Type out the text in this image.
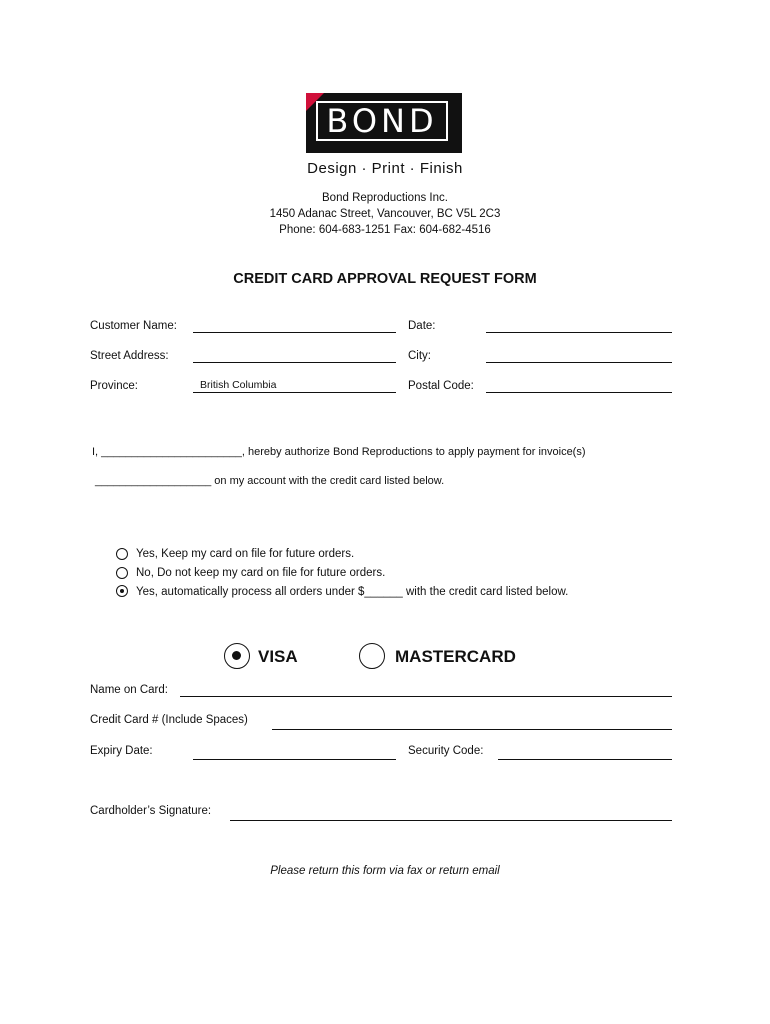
BOND
Design · Print · Finish
Bond Reproductions Inc.
1450 Adanac Street, Vancouver, BC V5L 2C3
Phone: 604-683-1251 Fax: 604-682-4516
CREDIT CARD APPROVAL REQUEST FORM
Customer Name:	Date:
Street Address:	City:
Province:	British Columbia	Postal Code:
I, _______________________, hereby authorize Bond Reproductions to apply payment for invoice(s)
___________________ on my account with the credit card listed below.
Yes, Keep my card on file for future orders.
No, Do not keep my card on file for future orders.
Yes, automatically process all orders under $______ with the credit card listed below.
VISA	MASTERCARD
Name on Card:
Credit Card # (Include Spaces)
Expiry Date:	Security Code:
Cardholder’s Signature:
Please return this form via fax or return email
